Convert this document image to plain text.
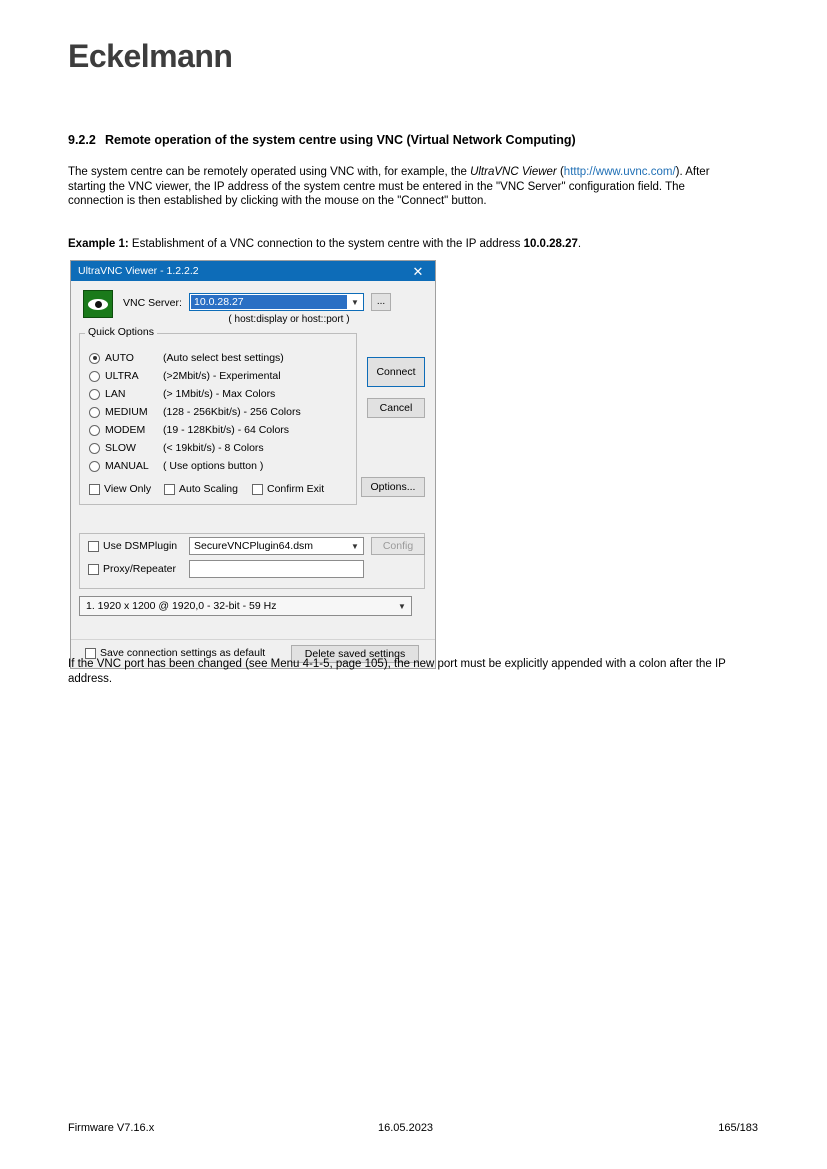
Eckelmann
9.2.2 Remote operation of the system centre using VNC (Virtual Network Computing)
The system centre can be remotely operated using VNC with, for example, the UltraVNC Viewer (htttp://www.uvnc.com/). After starting the VNC viewer, the IP address of the system centre must be entered in the "VNC Server" configuration field. The connection is then established by clicking with the mouse on the "Connect" button.
Example 1: Establishment of a VNC connection to the system centre with the IP address 10.0.28.27.
UltraVNC Viewer - 1.2.2.2	✕
VNC Server: 10.0.28.27	▼	...
( host:display or host::port )
Quick Options
AUTO	(Auto select best settings)
ULTRA	(>2Mbit/s) - Experimental
LAN	(> 1Mbit/s) - Max Colors
MEDIUM	(128 - 256Kbit/s) - 256 Colors
MODEM	(19 - 128Kbit/s) - 64 Colors
SLOW	(< 19kbit/s) - 8 Colors
MANUAL	( Use options button )
View Only	Auto Scaling	Confirm Exit
Connect
Cancel
Options...
Use DSMPlugin	SecureVNCPlugin64.dsm	▼	Config
Proxy/Repeater
1. 1920 x 1200 @ 1920,0 - 32-bit - 59 Hz	▼
Save connection settings as default	Delete saved settings
If the VNC port has been changed (see Menu 4-1-5, page 105), the new port must be explicitly appended with a colon after the IP address.
Firmware V7.16.x	16.05.2023	165/183
